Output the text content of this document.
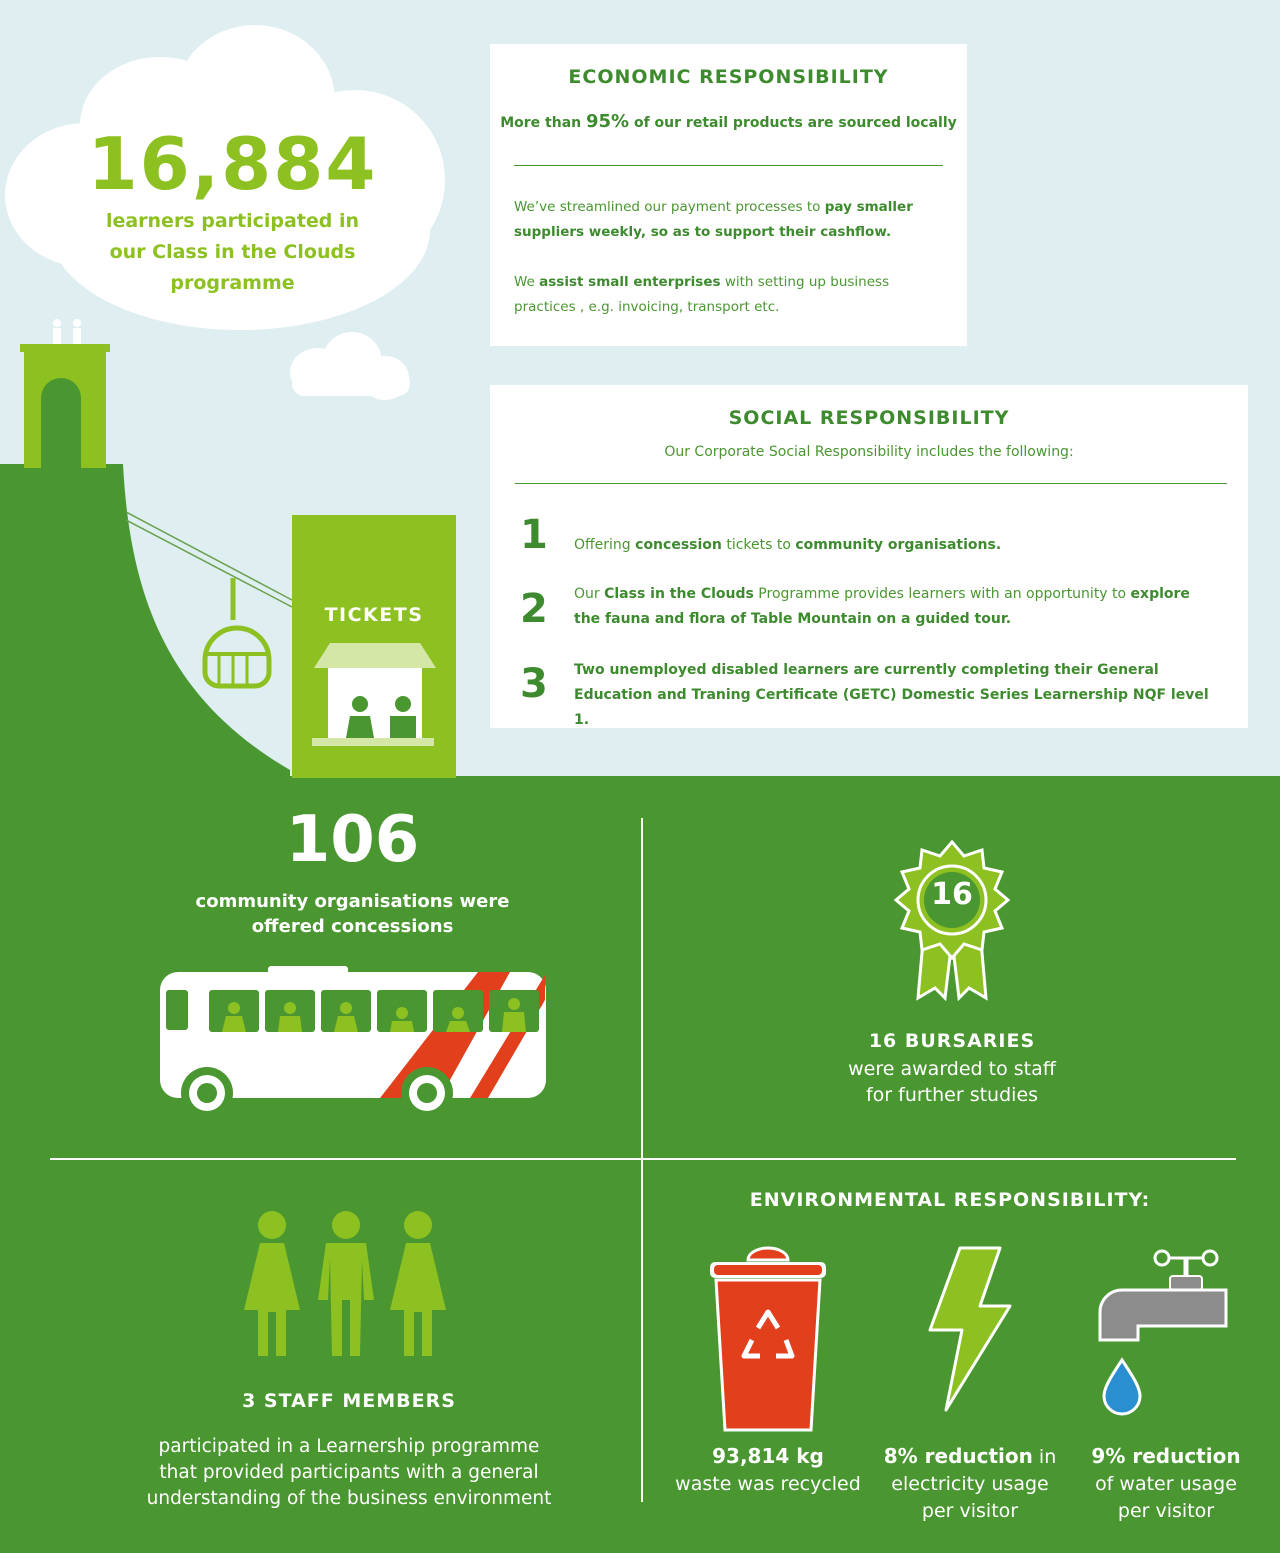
16,884
learners participated in
our Class in the Clouds
programme
ECONOMIC RESPONSIBILITY
More than 95% of our retail products are sourced locally

We’ve streamlined our payment processes to pay smaller suppliers weekly, so as to support their cashflow.

We assist small enterprises with setting up business practices , e.g. invoicing, transport etc.

SOCIAL RESPONSIBILITY
Our Corporate Social Responsibility includes the following:
1 Offering concession tickets to community organisations.
2 Our Class in the Clouds Programme provides learners with an opportunity to explore the fauna and flora of Table Mountain on a guided tour.
3 Two unemployed disabled learners are currently completing their General Education and Traning Certificate (GETC) Domestic Series Learnership NQF level 1.
TICKETS
106
community organisations were
offered concessions
16
16 BURSARIES
were awarded to staff
for further studies
3 STAFF MEMBERS
participated in a Learnership programme
that provided participants with a general
understanding of the business environment
ENVIRONMENTAL RESPONSIBILITY:
93,814 kg
waste was recycled
8% reduction in
electricity usage
per visitor
9% reduction
of water usage
per visitor
